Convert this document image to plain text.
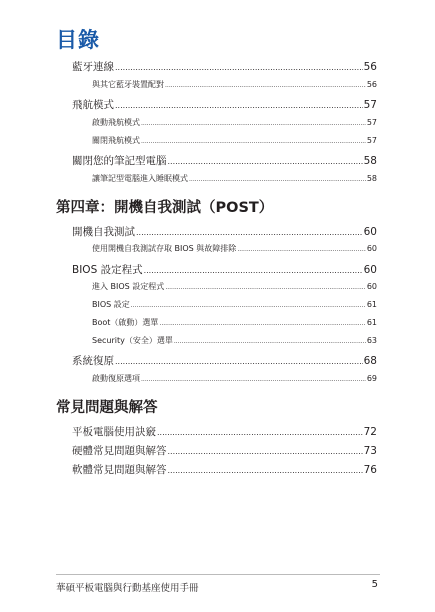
目錄
藍牙連線 .....	56
與其它藍牙裝置配對 .....	56
飛航模式 .....	57
啟動飛航模式 .....	57
關閉飛航模式 .....	57
關閉您的筆記型電腦 .....	58
讓筆記型電腦進入睡眠模式 .....	58
第四章：開機自我測試（POST）
開機自我測試 .....	60
使用開機自我測試存取 BIOS 與故障排除 .....	60
BIOS 設定程式 .....	60
進入 BIOS 設定程式 .....	60
BIOS 設定 .....	61
Boot（啟動）選單 .....	61
Security（安全）選單 .....	63
系統復原 .....	68
啟動復原選項 .....	69
常見問題與解答
平板電腦使用訣竅 .....	72
硬體常見問題與解答 .....	73
軟體常見問題與解答 .....	76
華碩平板電腦與行動基座使用手冊	5
